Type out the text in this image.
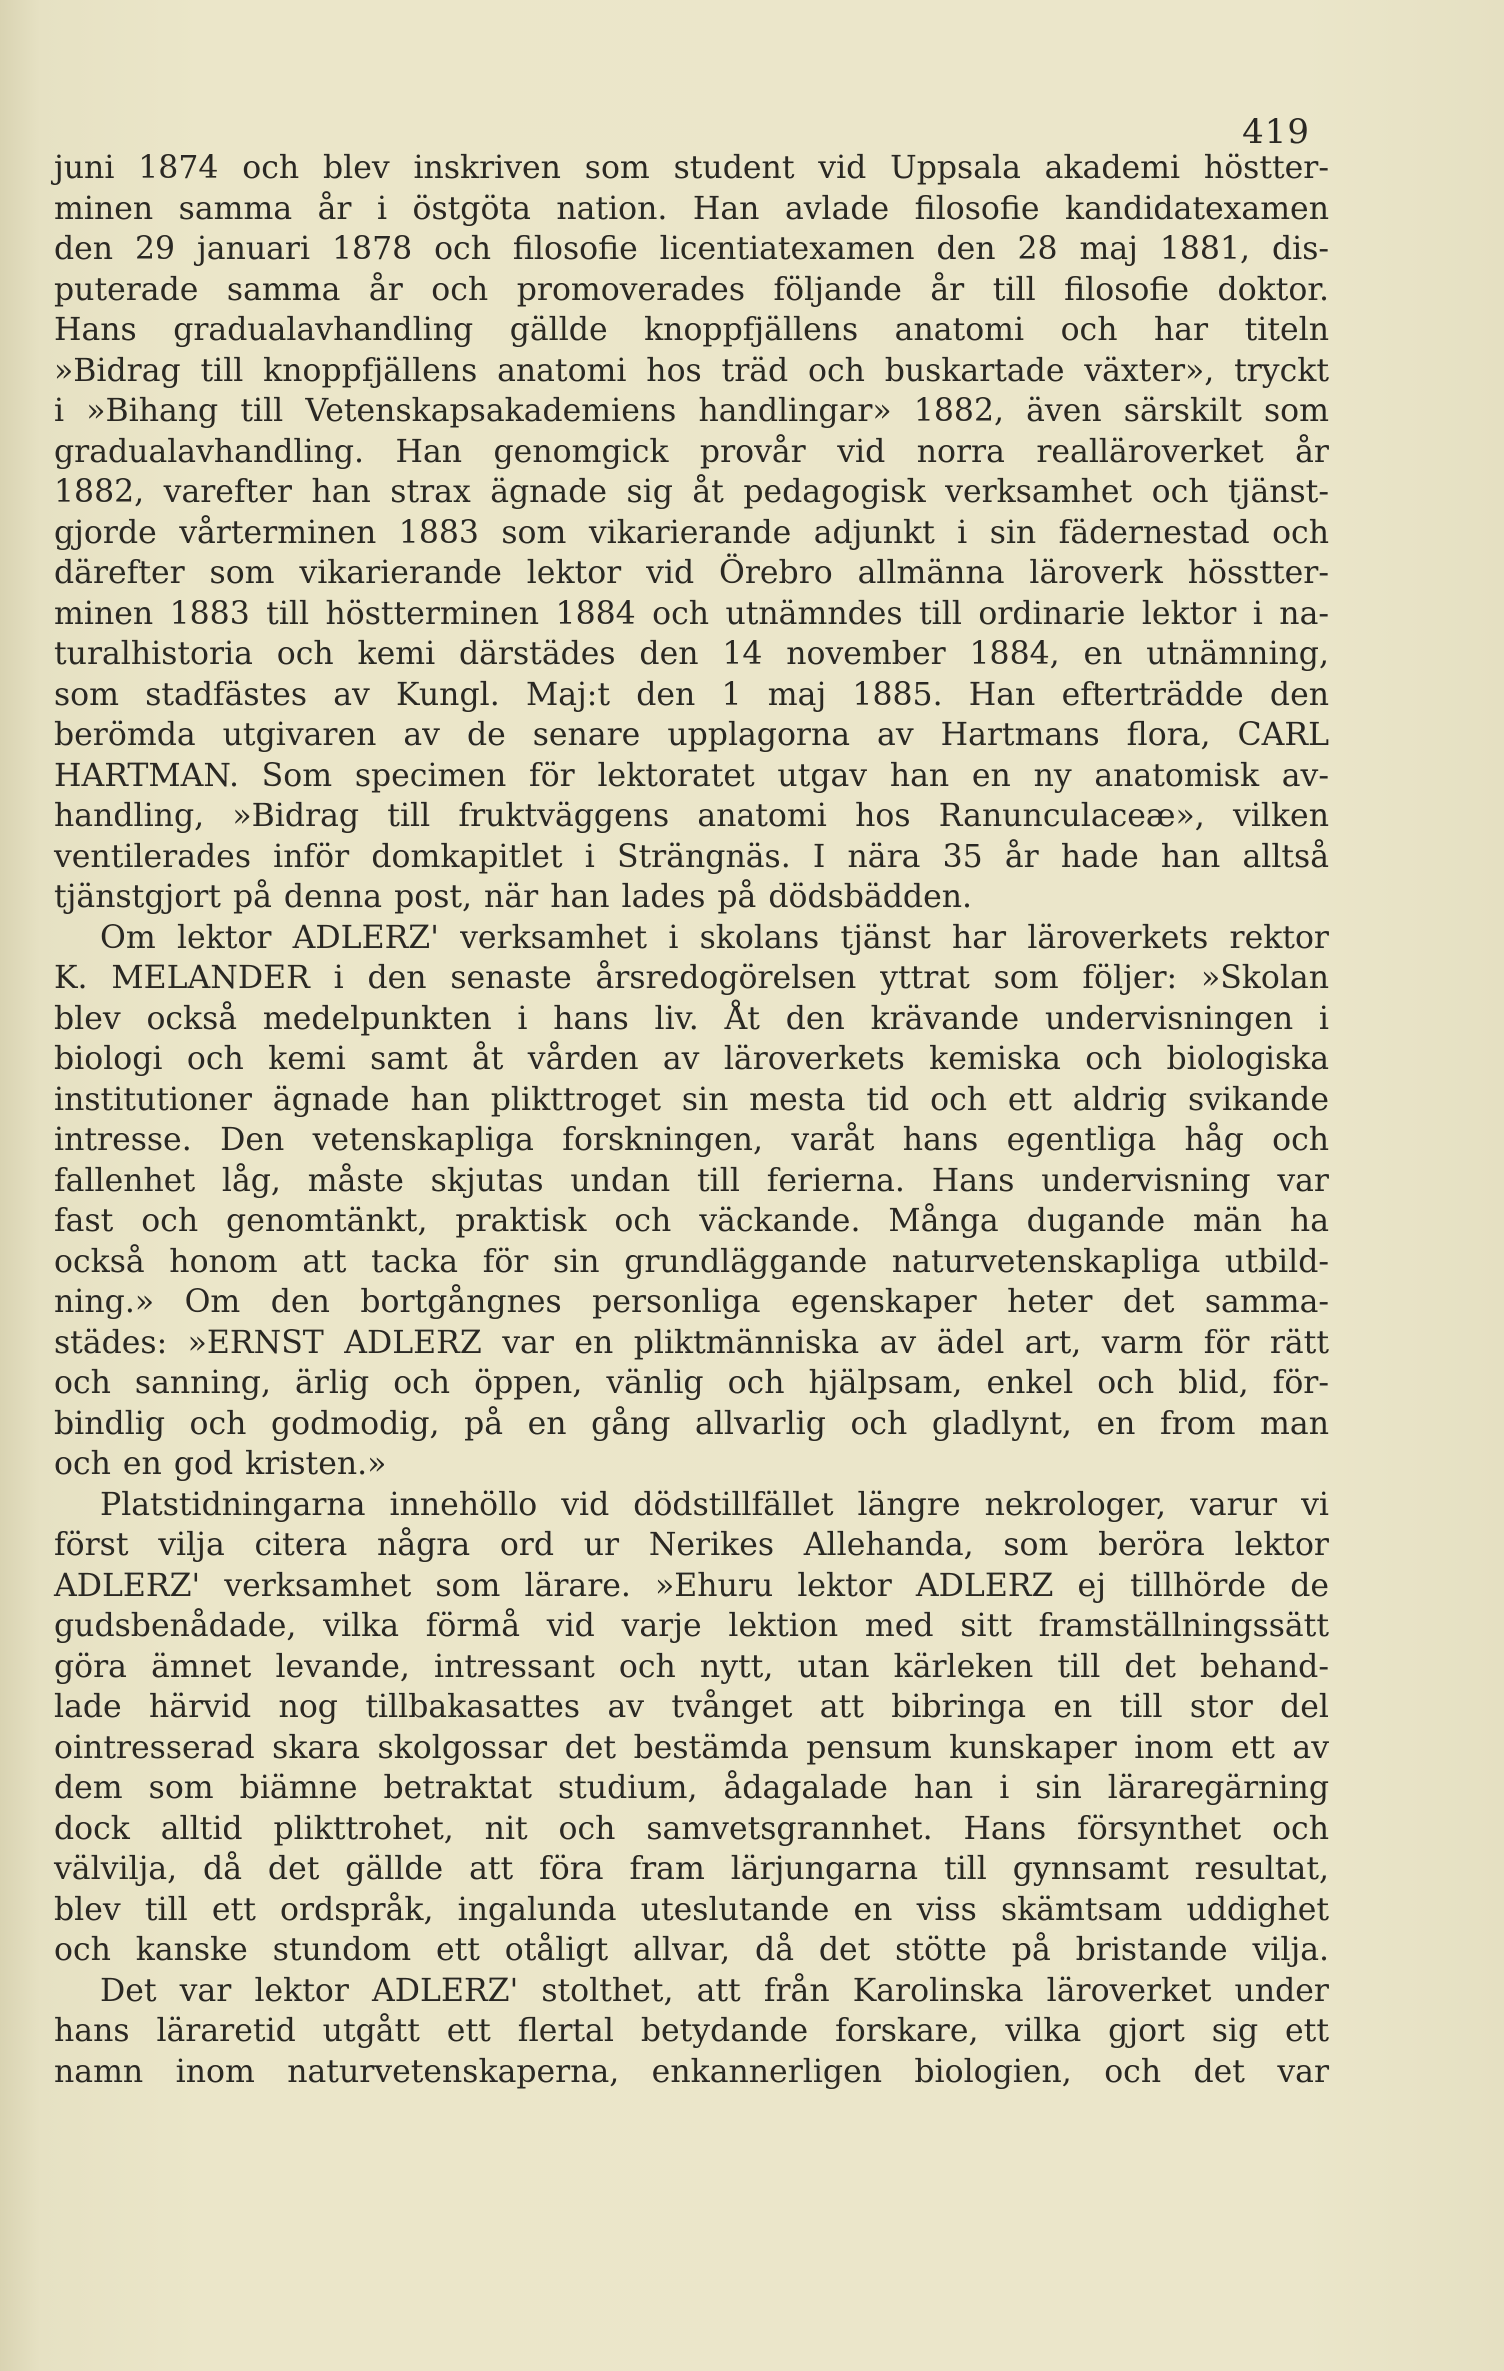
419
juni 1874 och blev inskriven som student vid Uppsala akademi höstter-
minen samma år i östgöta nation. Han avlade filosofie kandidatexamen
den 29 januari 1878 och filosofie licentiatexamen den 28 maj 1881, dis-
puterade samma år och promoverades följande år till filosofie doktor.
Hans gradualavhandling gällde knoppfjällens anatomi och har titeln
»Bidrag till knoppfjällens anatomi hos träd och buskartade växter», tryckt
i »Bihang till Vetenskapsakademiens handlingar» 1882, även särskilt som
gradualavhandling. Han genomgick provår vid norra realläroverket år
1882, varefter han strax ägnade sig åt pedagogisk verksamhet och tjänst-
gjorde vårterminen 1883 som vikarierande adjunkt i sin fädernestad och
därefter som vikarierande lektor vid Örebro allmänna läroverk hösstter-
minen 1883 till höstterminen 1884 och utnämndes till ordinarie lektor i na-
turalhistoria och kemi därstädes den 14 november 1884, en utnämning,
som stadfästes av Kungl. Maj:t den 1 maj 1885. Han efterträdde den
berömda utgivaren av de senare upplagorna av Hartmans flora, CARL
HARTMAN. Som specimen för lektoratet utgav han en ny anatomisk av-
handling, »Bidrag till fruktväggens anatomi hos Ranunculaceæ», vilken
ventilerades inför domkapitlet i Strängnäs. I nära 35 år hade han alltså
tjänstgjort på denna post, när han lades på dödsbädden.
Om lektor ADLERZ' verksamhet i skolans tjänst har läroverkets rektor
K. MELANDER i den senaste årsredogörelsen yttrat som följer: »Skolan
blev också medelpunkten i hans liv. Åt den krävande undervisningen i
biologi och kemi samt åt vården av läroverkets kemiska och biologiska
institutioner ägnade han plikttroget sin mesta tid och ett aldrig svikande
intresse. Den vetenskapliga forskningen, varåt hans egentliga håg och
fallenhet låg, måste skjutas undan till ferierna. Hans undervisning var
fast och genomtänkt, praktisk och väckande. Många dugande män ha
också honom att tacka för sin grundläggande naturvetenskapliga utbild-
ning.» Om den bortgångnes personliga egenskaper heter det samma-
städes: »ERNST ADLERZ var en pliktmänniska av ädel art, varm för rätt
och sanning, ärlig och öppen, vänlig och hjälpsam, enkel och blid, för-
bindlig och godmodig, på en gång allvarlig och gladlynt, en from man
och en god kristen.»
Platstidningarna innehöllo vid dödstillfället längre nekrologer, varur vi
först vilja citera några ord ur Nerikes Allehanda, som beröra lektor
ADLERZ' verksamhet som lärare. »Ehuru lektor ADLERZ ej tillhörde de
gudsbenådade, vilka förmå vid varje lektion med sitt framställningssätt
göra ämnet levande, intressant och nytt, utan kärleken till det behand-
lade härvid nog tillbakasattes av tvånget att bibringa en till stor del
ointresserad skara skolgossar det bestämda pensum kunskaper inom ett av
dem som biämne betraktat studium, ådagalade han i sin läraregärning
dock alltid plikttrohet, nit och samvetsgrannhet. Hans försynthet och
välvilja, då det gällde att föra fram lärjungarna till gynnsamt resultat,
blev till ett ordspråk, ingalunda uteslutande en viss skämtsam uddighet
och kanske stundom ett otåligt allvar, då det stötte på bristande vilja.
Det var lektor ADLERZ' stolthet, att från Karolinska läroverket under
hans läraretid utgått ett flertal betydande forskare, vilka gjort sig ett
namn inom naturvetenskaperna, enkannerligen biologien, och det var
